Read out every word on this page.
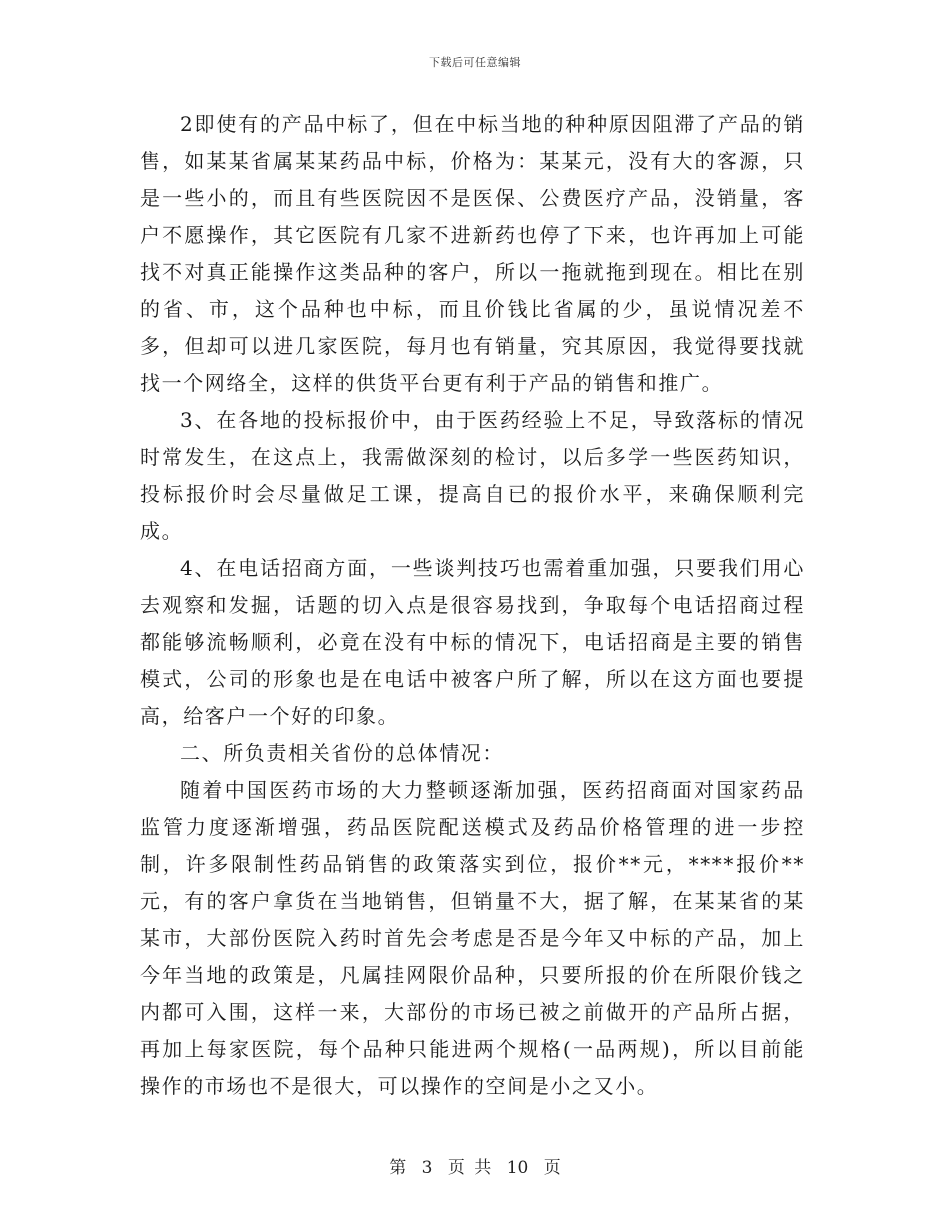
下载后可任意编辑

2即使有的产品中标了，但在中标当地的种种原因阻滞了产品的销售，如某某省属某某药品中标，价格为：某某元，没有大的客源，只是一些小的，而且有些医院因不是医保、公费医疗产品，没销量，客户不愿操作，其它医院有几家不进新药也停了下来，也许再加上可能找不对真正能操作这类品种的客户，所以一拖就拖到现在。相比在别的省、市，这个品种也中标，而且价钱比省属的少，虽说情况差不多，但却可以进几家医院，每月也有销量，究其原因，我觉得要找就找一个网络全，这样的供货平台更有利于产品的销售和推广。

3、在各地的投标报价中，由于医药经验上不足，导致落标的情况时常发生，在这点上，我需做深刻的检讨，以后多学一些医药知识，投标报价时会尽量做足工课，提高自已的报价水平，来确保顺利完成。

4、在电话招商方面，一些谈判技巧也需着重加强，只要我们用心去观察和发掘，话题的切入点是很容易找到，争取每个电话招商过程都能够流畅顺利，必竟在没有中标的情况下，电话招商是主要的销售模式，公司的形象也是在电话中被客户所了解，所以在这方面也要提高，给客户一个好的印象。

二、所负责相关省份的总体情况：

随着中国医药市场的大力整顿逐渐加强，医药招商面对国家药品监管力度逐渐增强，药品医院配送模式及药品价格管理的进一步控制，许多限制性药品销售的政策落实到位，报价**元，****报价**元，有的客户拿货在当地销售，但销量不大，据了解，在某某省的某某市，大部份医院入药时首先会考虑是否是今年又中标的产品，加上今年当地的政策是，凡属挂网限价品种，只要所报的价在所限价钱之内都可入围，这样一来，大部份的市场已被之前做开的产品所占据，再加上每家医院，每个品种只能进两个规格(一品两规)，所以目前能操作的市场也不是很大，可以操作的空间是小之又小。

第 3 页 共 10 页
